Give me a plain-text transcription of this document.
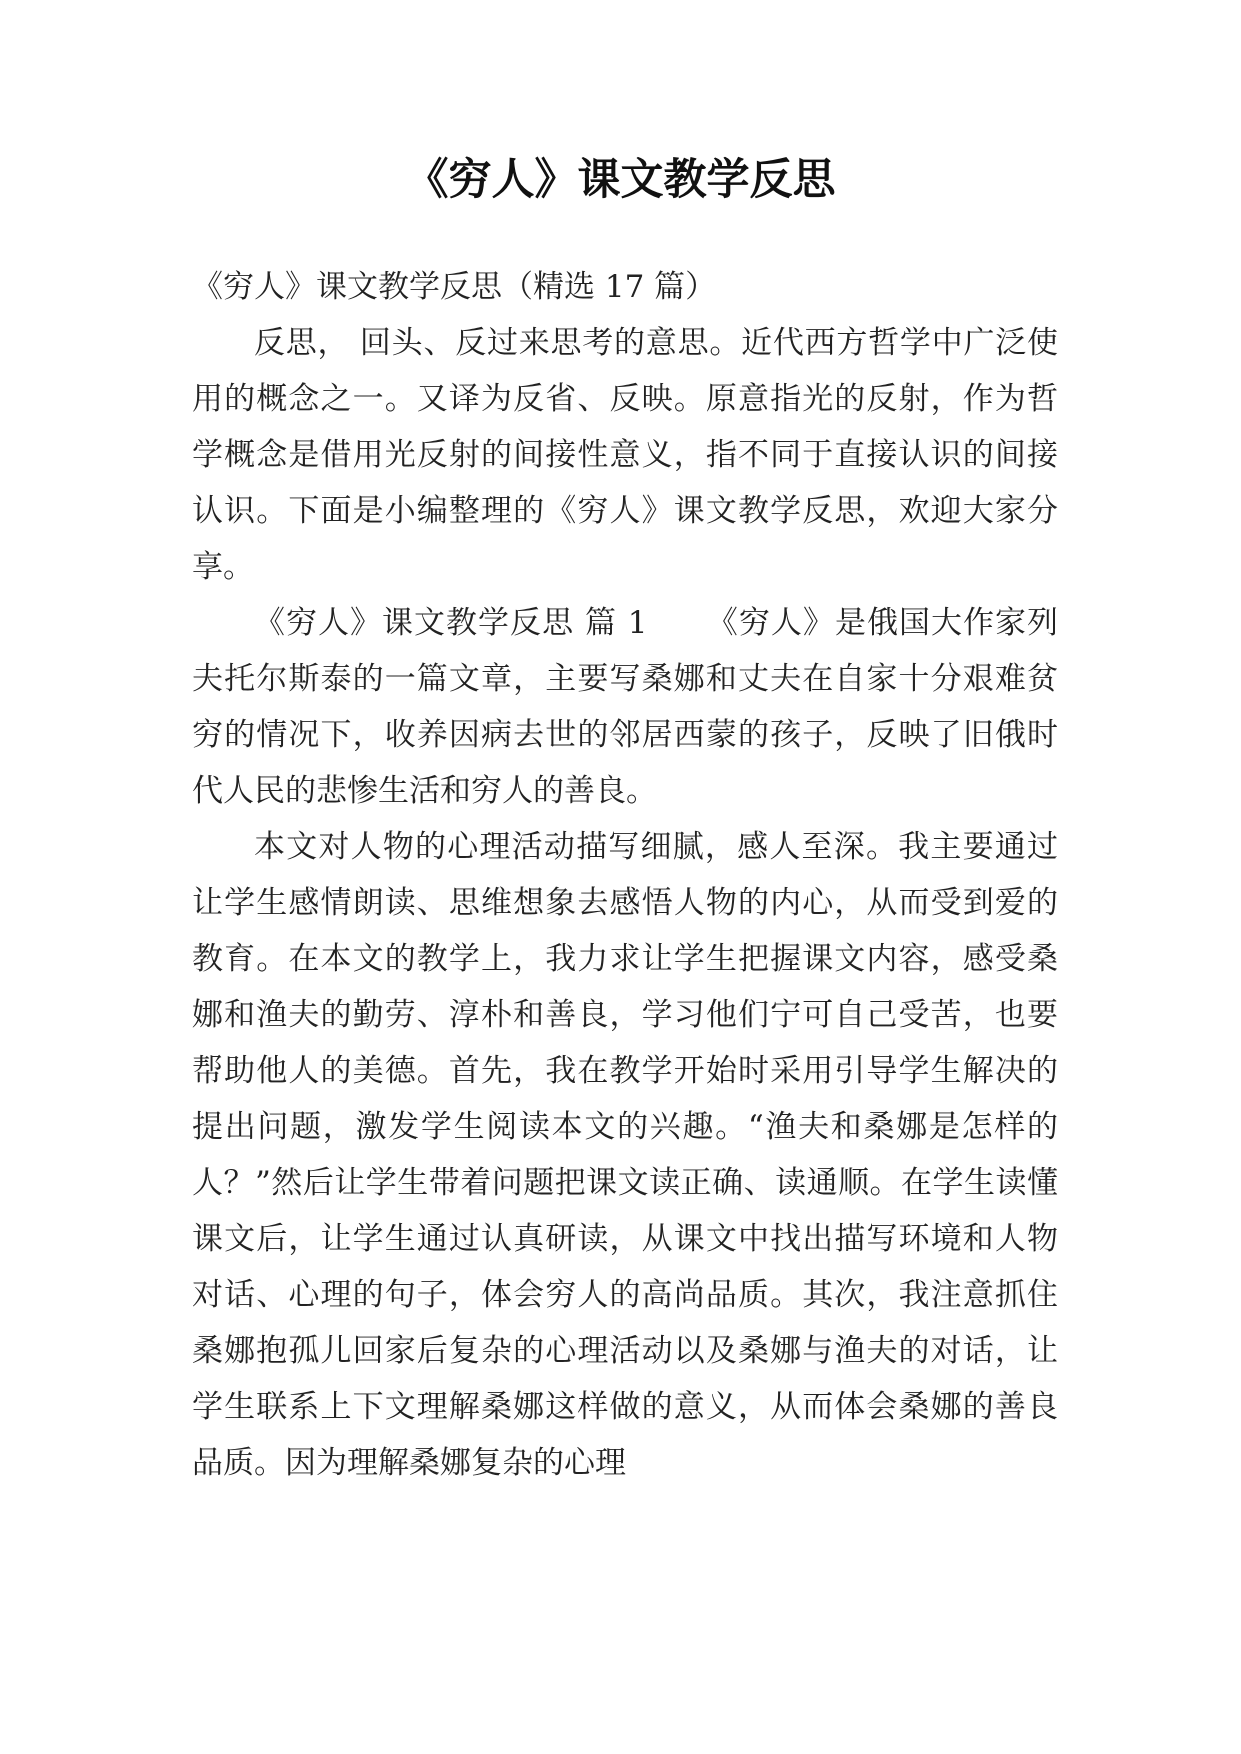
《穷人》课文教学反思

《穷人》课文教学反思（精选 17 篇）

反思， 回头、反过来思考的意思。近代西方哲学中广泛使用的概念之一。又译为反省、反映。原意指光的反射，作为哲学概念是借用光反射的间接性意义，指不同于直接认识的间接认识。下面是小编整理的《穷人》课文教学反思，欢迎大家分享。

《穷人》课文教学反思 篇 1 　　《穷人》是俄国大作家列夫托尔斯泰的一篇文章，主要写桑娜和丈夫在自家十分艰难贫穷的情况下，收养因病去世的邻居西蒙的孩子，反映了旧俄时代人民的悲惨生活和穷人的善良。

本文对人物的心理活动描写细腻，感人至深。我主要通过让学生感情朗读、思维想象去感悟人物的内心，从而受到爱的教育。在本文的教学上，我力求让学生把握课文内容，感受桑娜和渔夫的勤劳、淳朴和善良，学习他们宁可自己受苦，也要帮助他人的美德。首先，我在教学开始时采用引导学生解决的提出问题，激发学生阅读本文的兴趣。“渔夫和桑娜是怎样的人？”然后让学生带着问题把课文读正确、读通顺。在学生读懂课文后，让学生通过认真研读，从课文中找出描写环境和人物对话、心理的句子，体会穷人的高尚品质。其次，我注意抓住桑娜抱孤儿回家后复杂的心理活动以及桑娜与渔夫的对话，让学生联系上下文理解桑娜这样做的意义，从而体会桑娜的善良品质。因为理解桑娜复杂的心理
